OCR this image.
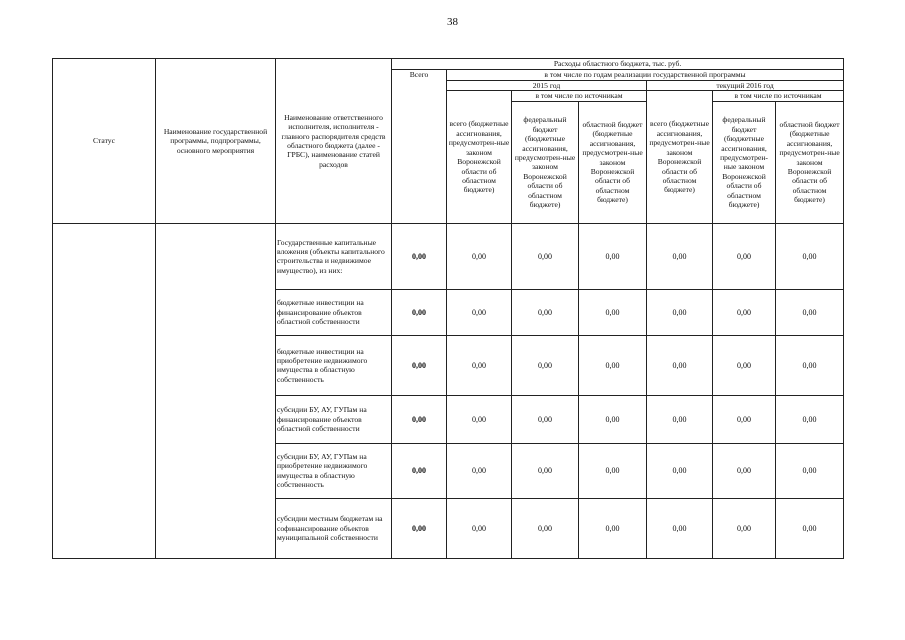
38
Статус	Наименование государственной программы, подпрограммы, основного мероприятия	Наименование ответственного исполнителя, исполнителя - главного распорядителя средств областного бюджета (далее - ГРБС), наименование статей расходов	Расходы областного бюджета, тыс. руб.						
			Всего	в том числе по годам реализации государственной программы					
				2015 год			текущий 2016 год		
				всего (бюджетные ассигнования, предусмотрен-ные законом Воронежской области об областном бюджете)	в том числе по источникам		всего (бюджетные ассигнования, предусмотрен-ные законом Воронежской области об областном бюджете)	в том числе по источникам	
					федеральный бюджет (бюджетные ассигнования, предусмотрен-ные законом Воронежской области об областном бюджете)	областной бюджет (бюджетные ассигнования, предусмотрен-ные законом Воронежской области об областном бюджете)		федеральный бюджет (бюджетные ассигнования, предусмотрен-ные законом Воронежской области об областном бюджете)	областной бюджет (бюджетные ассигнования, предусмотрен-ные законом Воронежской области об областном бюджете)
		Государственные капитальные вложения (объекты капитального строительства и недвижимое имущество), из них:	0,00	0,00	0,00	0,00	0,00	0,00	0,00
		бюджетные инвестиции на финансирование объектов областной собственности	0,00	0,00	0,00	0,00	0,00	0,00	0,00
		бюджетные инвестиции на приобретение недвижимого имущества в областную собственность	0,00	0,00	0,00	0,00	0,00	0,00	0,00
		субсидии БУ, АУ, ГУПам на финансирование объектов областной собственности	0,00	0,00	0,00	0,00	0,00	0,00	0,00
		субсидии БУ, АУ, ГУПам на приобретение недвижимого имущества в областную собственность	0,00	0,00	0,00	0,00	0,00	0,00	0,00
		субсидии местным бюджетам на софинансирование объектов муниципальной собственности	0,00	0,00	0,00	0,00	0,00	0,00	0,00
